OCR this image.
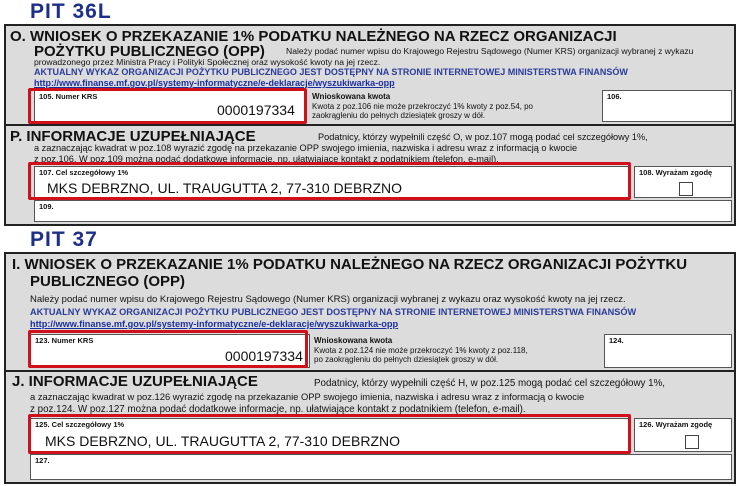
PIT 36L
O. WNIOSEK O PRZEKAZANIE 1% PODATKU NALEŻNEGO NA RZECZ ORGANIZACJI
POŻYTKU PUBLICZNEGO (OPP) Należy podać numer wpisu do Krajowego Rejestru Sądowego (Numer KRS) organizacji wybranej z wykazu
prowadzonego przez Ministra Pracy i Polityki Społecznej oraz wysokość kwoty na jej rzecz.
AKTUALNY WYKAZ ORGANIZACJI POŻYTKU PUBLICZNEGO JEST DOSTĘPNY NA STRONIE INTERNETOWEJ MINISTERSTWA FINANSÓW
http://www.finanse.mf.gov.pl/systemy-informatyczne/e-deklaracje/wyszukiwarka-opp
105. Numer KRS
0000197334
Wnioskowana kwota
Kwota z poz.106 nie może przekroczyć 1% kwoty z poz.54, po
zaokrągleniu do pełnych dziesiątek groszy w dół.
106.
P. INFORMACJE UZUPEŁNIAJĄCE	Podatnicy, którzy wypełnili część O, w poz.107 mogą podać cel szczegółowy 1%,
a zaznaczając kwadrat w poz.108 wyrazić zgodę na przekazanie OPP swojego imienia, nazwiska i adresu wraz z informacją o kwocie
z poz.106. W poz.109 można podać dodatkowe informacje, np. ułatwiające kontakt z podatnikiem (telefon, e-mail).
107. Cel szczegółowy 1%
MKS DEBRZNO, UL. TRAUGUTTA 2, 77-310 DEBRZNO
108. Wyrażam zgodę
109.
PIT 37
I. WNIOSEK O PRZEKAZANIE 1% PODATKU NALEŻNEGO NA RZECZ ORGANIZACJI POŻYTKU
PUBLICZNEGO (OPP)
Należy podać numer wpisu do Krajowego Rejestru Sądowego (Numer KRS) organizacji wybranej z wykazu oraz wysokość kwoty na jej rzecz.
AKTUALNY WYKAZ ORGANIZACJI POŻYTKU PUBLICZNEGO JEST DOSTĘPNY NA STRONIE INTERNETOWEJ MINISTERSTWA FINANSÓW
http://www.finanse.mf.gov.pl/systemy-informatyczne/e-deklaracje/wyszukiwarka-opp
123. Numer KRS
0000197334
Wnioskowana kwota
Kwota z poz.124 nie może przekroczyć 1% kwoty z poz.118,
po zaokrągleniu do pełnych dziesiątek groszy w dół.
124.
J. INFORMACJE UZUPEŁNIAJĄCE	Podatnicy, którzy wypełnili część H, w poz.125 mogą podać cel szczegółowy 1%,
a zaznaczając kwadrat w poz.126 wyrazić zgodę na przekazanie OPP swojego imienia, nazwiska i adresu wraz z informacją o kwocie
z poz.124. W poz.127 można podać dodatkowe informacje, np. ułatwiające kontakt z podatnikiem (telefon, e-mail).
125. Cel szczegółowy 1%
MKS DEBRZNO, UL. TRAUGUTTA 2, 77-310 DEBRZNO
126. Wyrażam zgodę
127.
